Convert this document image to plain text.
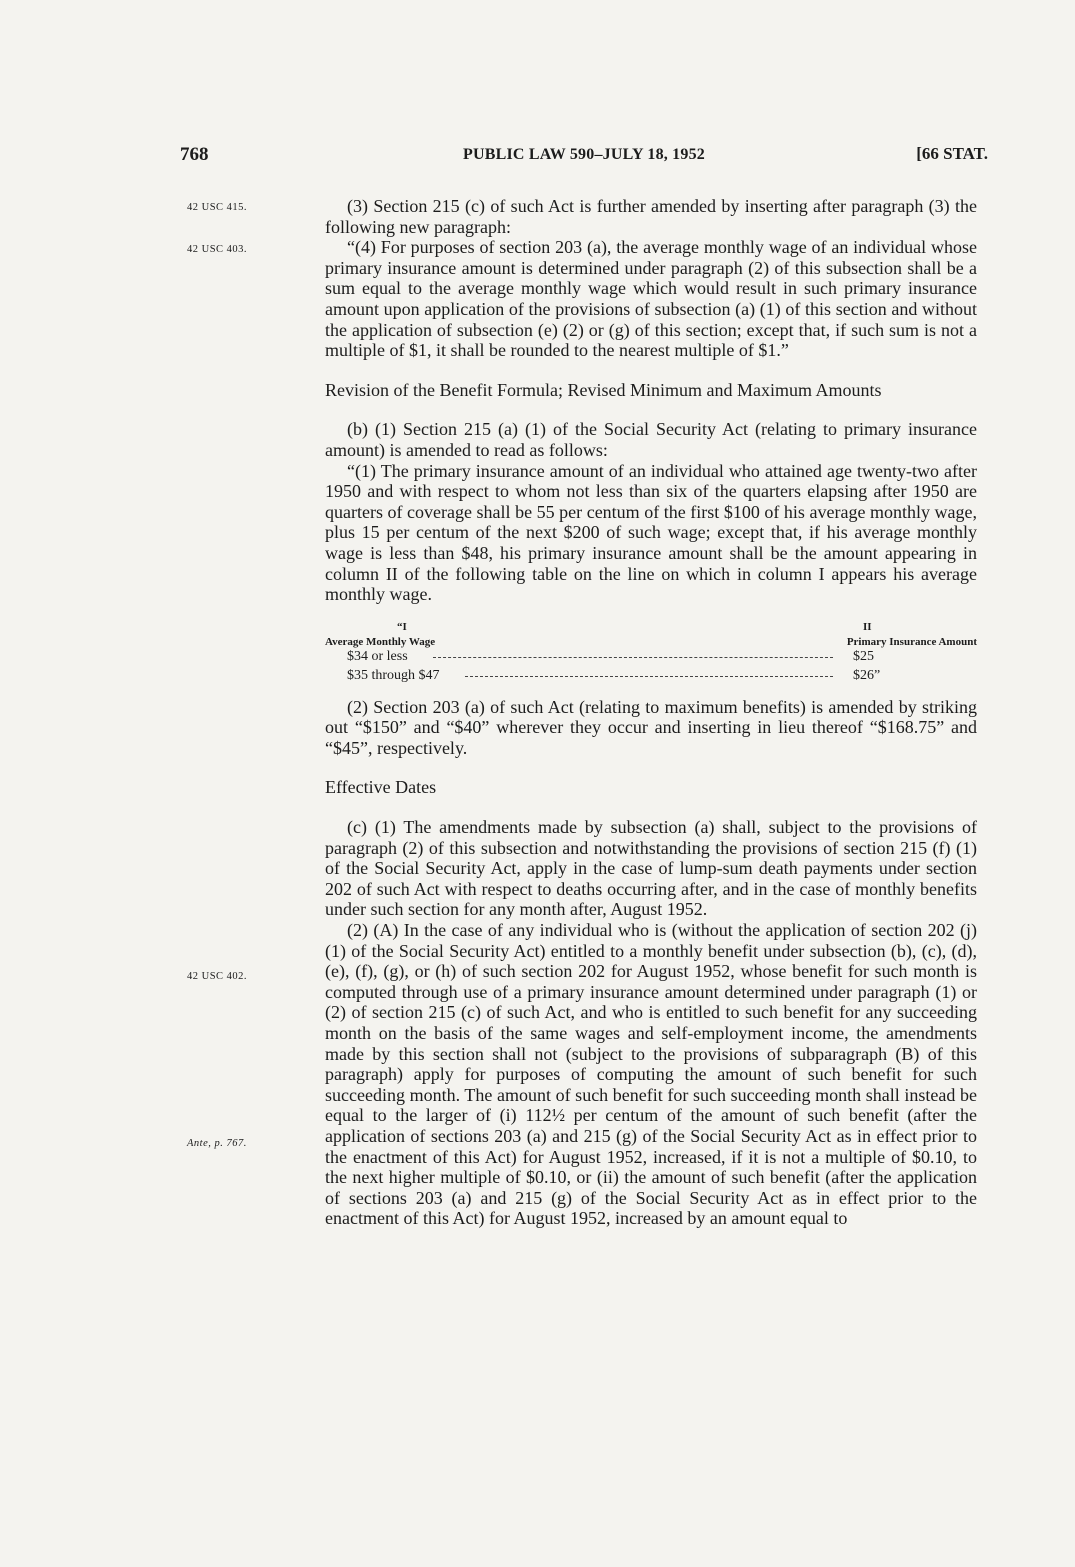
768	PUBLIC LAW 590–JULY 18, 1952	[66 STAT.
42 USC 415.
42 USC 403.
42 USC 402.
Ante, p. 767.

(3) Section 215 (c) of such Act is further amended by inserting after paragraph (3) the following new paragraph:

“(4) For purposes of section 203 (a), the average monthly wage of an individual whose primary insurance amount is determined under paragraph (2) of this subsection shall be a sum equal to the average monthly wage which would result in such primary insurance amount upon application of the provisions of subsection (a) (1) of this section and without the application of subsection (e) (2) or (g) of this section; except that, if such sum is not a multiple of $1, it shall be rounded to the nearest multiple of $1.”

Revision of the Benefit Formula; Revised Minimum and Maximum Amounts

(b) (1) Section 215 (a) (1) of the Social Security Act (relating to primary insurance amount) is amended to read as follows:

“(1) The primary insurance amount of an individual who attained age twenty-two after 1950 and with respect to whom not less than six of the quarters elapsing after 1950 are quarters of coverage shall be 55 per centum of the first $100 of his average monthly wage, plus 15 per centum of the next $200 of such wage; except that, if his average monthly wage is less than $48, his primary insurance amount shall be the amount appearing in column II of the following table on the line on which in column I appears his average monthly wage.

“I	II
Average Monthly Wage	Primary Insurance Amount
$34 or less	$25
$35 through $47	$26”

(2) Section 203 (a) of such Act (relating to maximum benefits) is amended by striking out “$150” and “$40” wherever they occur and inserting in lieu thereof “$168.75” and “$45”, respectively.

Effective Dates

(c) (1) The amendments made by subsection (a) shall, subject to the provisions of paragraph (2) of this subsection and notwithstanding the provisions of section 215 (f) (1) of the Social Security Act, apply in the case of lump-sum death payments under section 202 of such Act with respect to deaths occurring after, and in the case of monthly benefits under such section for any month after, August 1952.

(2) (A) In the case of any individual who is (without the application of section 202 (j) (1) of the Social Security Act) entitled to a monthly benefit under subsection (b), (c), (d), (e), (f), (g), or (h) of such section 202 for August 1952, whose benefit for such month is computed through use of a primary insurance amount determined under paragraph (1) or (2) of section 215 (c) of such Act, and who is entitled to such benefit for any succeeding month on the basis of the same wages and self-employment income, the amendments made by this section shall not (subject to the provisions of subparagraph (B) of this paragraph) apply for purposes of computing the amount of such benefit for such succeeding month. The amount of such benefit for such succeeding month shall instead be equal to the larger of (i) 112½ per centum of the amount of such benefit (after the application of sections 203 (a) and 215 (g) of the Social Security Act as in effect prior to the enactment of this Act) for August 1952, increased, if it is not a multiple of $0.10, to the next higher multiple of $0.10, or (ii) the amount of such benefit (after the application of sections 203 (a) and 215 (g) of the Social Security Act as in effect prior to the enactment of this Act) for August 1952, increased by an amount equal to
